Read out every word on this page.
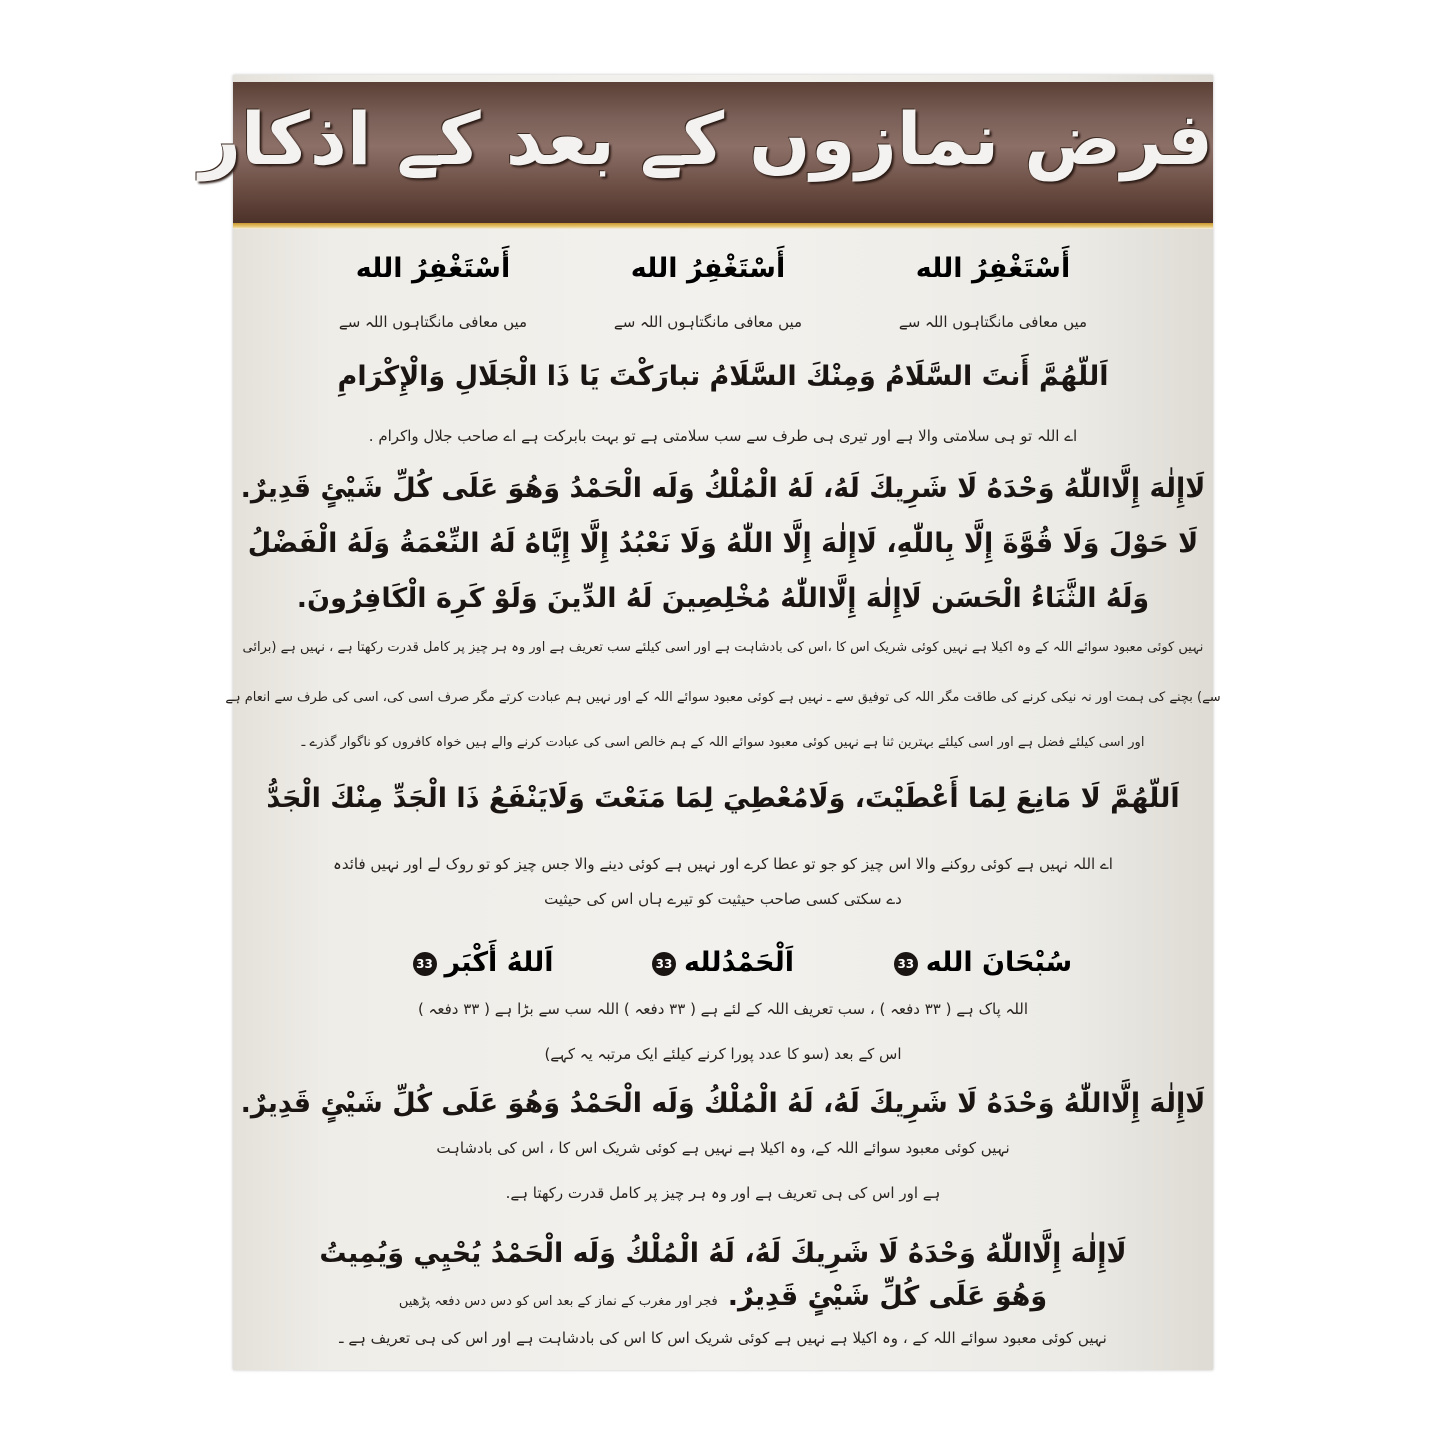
فرض نمازوں کے بعد کے اذکار
أَسْتَغْفِرُ الله
أَسْتَغْفِرُ الله
أَسْتَغْفِرُ الله
میں معافی مانگتاہوں اللہ سے
میں معافی مانگتاہوں اللہ سے
میں معافی مانگتاہوں اللہ سے
اَللّهُمَّ أَنتَ السَّلَامُ وَمِنْكَ السَّلَامُ تبارَكْتَ يَا ذَا الْجَلَالِ وَالْإِكْرَامِ
اے اللہ تو ہی سلامتی والا ہے اور تیری ہی طرف سے سب سلامتی ہے تو بہت بابرکت ہے اے صاحب جلال واکرام .
لَاإِلٰهَ إِلَّااللّٰهُ وَحْدَهُ لَا شَرِيكَ لَهُ، لَهُ الْمُلْكُ وَلَه الْحَمْدُ وَهُوَ عَلَى كُلِّ شَيْئٍ قَدِيرٌ.
لَا حَوْلَ وَلَا قُوَّةَ إِلَّا بِاللّٰهِ، لَاإِلٰهَ إِلَّا اللّٰهُ وَلَا نَعْبُدُ إِلَّا إِيَّاهُ لَهُ النِّعْمَةُ وَلَهُ الْفَضْلُ
وَلَهُ الثَّنَاءُ الْحَسَن لَاإِلٰهَ إِلَّااللّٰهُ مُخْلِصِينَ لَهُ الدِّينَ وَلَوْ كَرِهَ الْكَافِرُونَ.
نہیں کوئی معبود سوائے اللہ کے وہ اکیلا ہے نہیں کوئی شریک اس کا ،اس کی بادشاہت ہے اور اسی کیلئے سب تعریف ہے اور وہ ہر چیز پر کامل قدرت رکھتا ہے ، نہیں ہے (برائی
سے) بچنے کی ہمت اور نہ نیکی کرنے کی طاقت مگر اللہ کی توفیق سے ـ نہیں ہے کوئی معبود سوائے اللہ کے اور نہیں ہم عبادت کرتے مگر صرف اسی کی، اسی کی طرف سے انعام ہے
اور اسی کیلئے فضل ہے اور اسی کیلئے بہترین ثنا ہے نہیں کوئی معبود سوائے اللہ کے ہم خالص اسی کی عبادت کرنے والے ہیں خواہ کافروں کو ناگوار گذرے ـ
اَللّهُمَّ لَا مَانِعَ لِمَا أَعْطَيْتَ، وَلَامُعْطِيَ لِمَا مَنَعْتَ وَلَايَنْفَعُ ذَا الْجَدِّ مِنْكَ الْجَدُّ
اے اللہ نہیں ہے کوئی روکنے والا اس چیز کو جو تو عطا کرے اور نہیں ہے کوئی دینے والا جس چیز کو تو روک لے اور نہیں فائدہ
دے سکتی کسی صاحب حیثیت کو تیرے ہاں اس کی حیثیت
سُبْحَانَ الله33
اَلْحَمْدُلله33
اَللهُ أَكْبَر33
اللہ پاک ہے ( ۳۳ دفعہ ) ، سب تعریف اللہ کے لئے ہے ( ۳۳ دفعہ ) اللہ سب سے بڑا ہے ( ۳۳ دفعہ )
اس کے بعد (سو کا عدد پورا کرنے کیلئے ایک مرتبہ یہ کہے)
لَاإِلٰهَ إِلَّااللّٰهُ وَحْدَهُ لَا شَرِيكَ لَهُ، لَهُ الْمُلْكُ وَلَه الْحَمْدُ وَهُوَ عَلَى كُلِّ شَيْئٍ قَدِيرٌ.
نہیں کوئی معبود سوائے اللہ کے، وہ اکیلا ہے نہیں ہے کوئی شریک اس کا ، اس کی بادشاہت
ہے اور اس کی ہی تعریف ہے اور وہ ہر چیز پر کامل قدرت رکھتا ہے.
لَاإِلٰهَ إِلَّااللّٰهُ وَحْدَهُ لَا شَرِيكَ لَهُ، لَهُ الْمُلْكُ وَلَه الْحَمْدُ يُحْيِي وَيُمِيتُ
وَهُوَ عَلَى كُلِّ شَيْئٍ قَدِيرٌ.فجر اور مغرب کے نماز کے بعد اس کو دس دس دفعہ پڑھیں
نہیں کوئی معبود سوائے اللہ کے ، وہ اکیلا ہے نہیں ہے کوئی شریک اس کا اس کی بادشاہت ہے اور اس کی ہی تعریف ہے ـ
